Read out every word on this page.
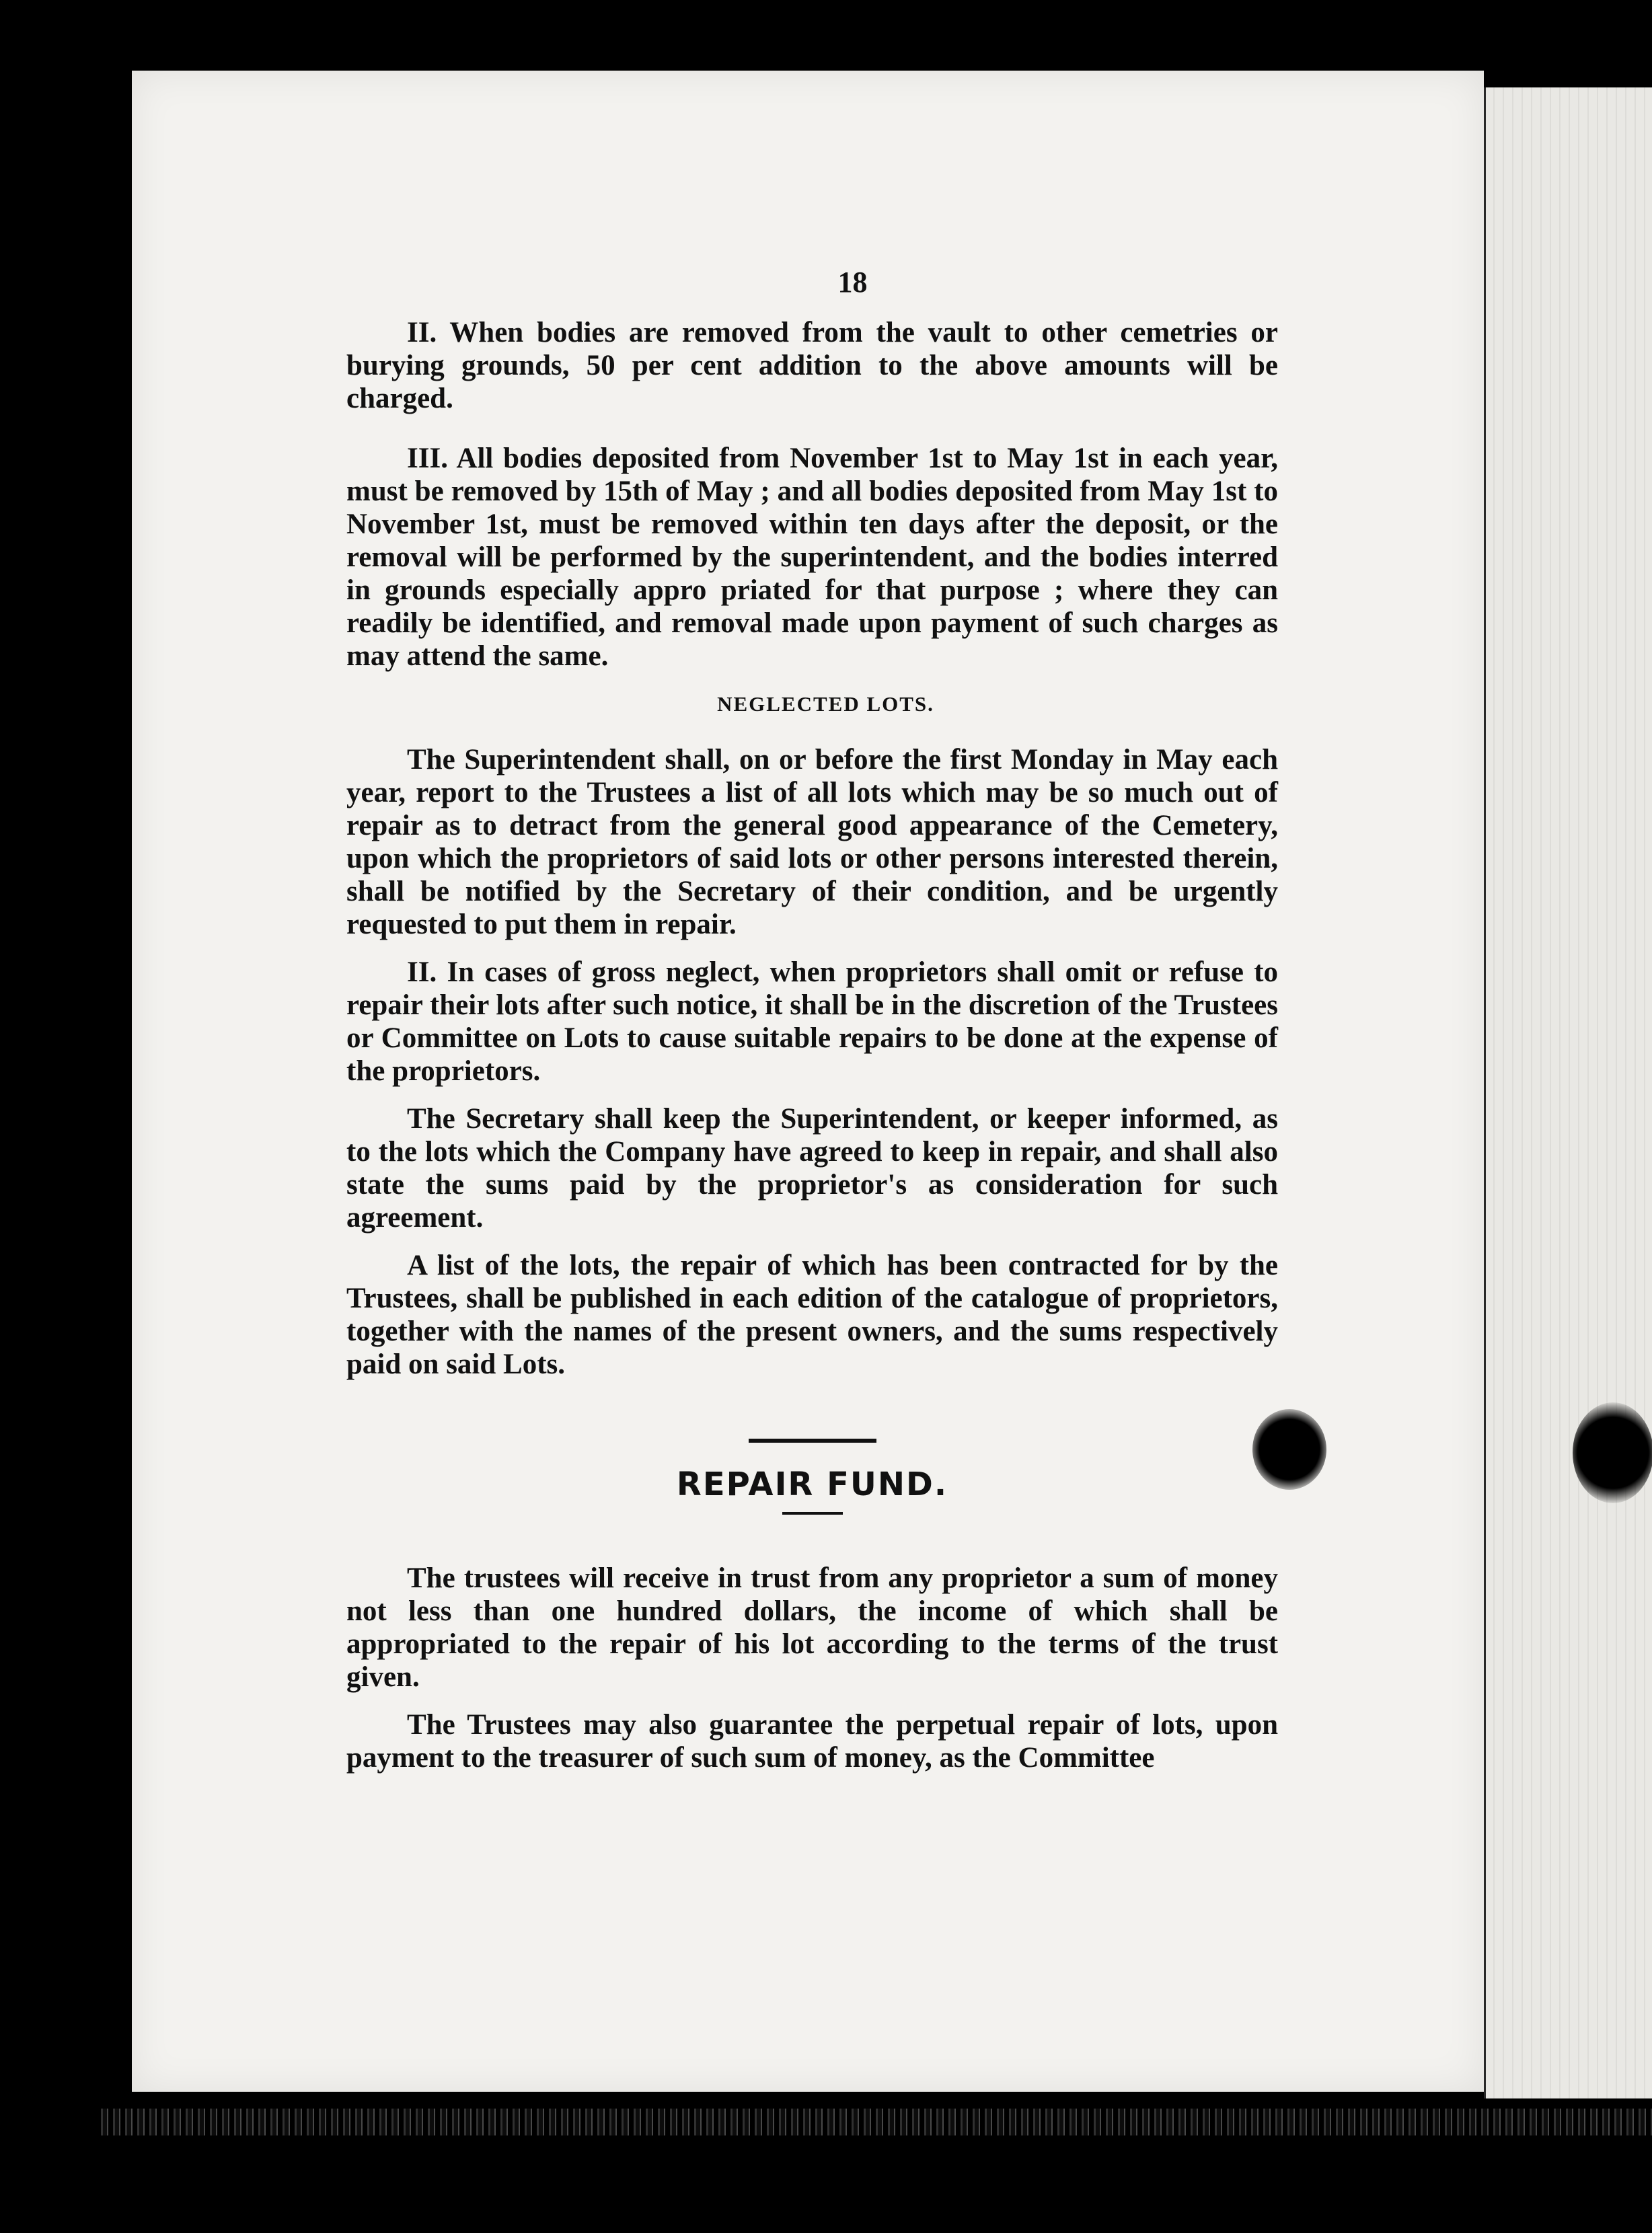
18

II. When bodies are removed from the vault to other cemetries or burying grounds, 50 per cent addition to the above amounts will be charged.

III. All bodies deposited from November 1st to May 1st in each year, must be removed by 15th of May ; and all bodies deposited from May 1st to November 1st, must be removed within ten days after the deposit, or the removal will be performed by the superintendent, and the bodies interred in grounds especially appro priated for that purpose ; where they can readily be identified, and removal made upon payment of such charges as may attend the same.

NEGLECTED LOTS.

The Superintendent shall, on or before the first Monday in May each year, report to the Trustees a list of all lots which may be so much out of repair as to detract from the general good appearance of the Cemetery, upon which the proprietors of said lots or other persons interested therein, shall be notified by the Secretary of their condition, and be urgently requested to put them in repair.

II. In cases of gross neglect, when proprietors shall omit or refuse to repair their lots after such notice, it shall be in the discretion of the Trustees or Committee on Lots to cause suitable repairs to be done at the expense of the proprietors.

The Secretary shall keep the Superintendent, or keeper informed, as to the lots which the Company have agreed to keep in repair, and shall also state the sums paid by the proprietor's as consideration for such agreement.

A list of the lots, the repair of which has been contracted for by the Trustees, shall be published in each edition of the catalogue of proprietors, together with the names of the present owners, and the sums respectively paid on said Lots.

REPAIR FUND.

The trustees will receive in trust from any proprietor a sum of money not less than one hundred dollars, the income of which shall be appropriated to the repair of his lot according to the terms of the trust given.

The Trustees may also guarantee the perpetual repair of lots, upon payment to the treasurer of such sum of money, as the Committee
